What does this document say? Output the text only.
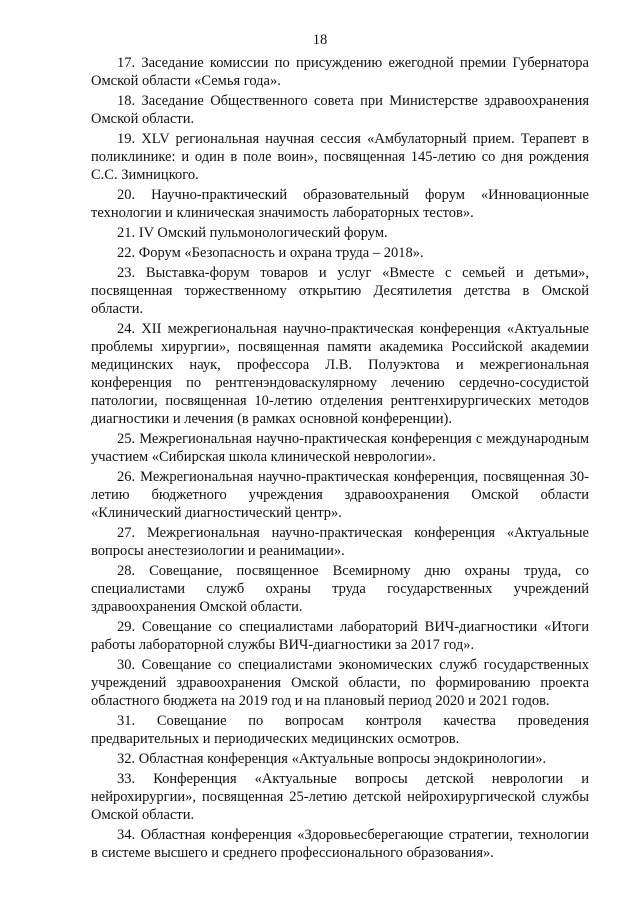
18

17. Заседание комиссии по присуждению ежегодной премии Губернатора Омской области «Семья года».

18. Заседание Общественного совета при Министерстве здравоохранения Омской области.

19. XLV региональная научная сессия «Амбулаторный прием. Терапевт в поликлинике: и один в поле воин», посвященная 145-летию со дня рождения С.С. Зимницкого.

20. Научно-практический образовательный форум «Инновационные технологии и клиническая значимость лабораторных тестов».

21. IV Омский пульмонологический форум.

22. Форум «Безопасность и охрана труда – 2018».

23. Выставка-форум товаров и услуг «Вместе с семьей и детьми», посвященная торжественному открытию Десятилетия детства в Омской области.

24. XII межрегиональная научно-практическая конференция «Актуальные проблемы хирургии», посвященная памяти академика Российской академии медицинских наук, профессора Л.В. Полуэктова и межрегиональная конференция по рентгенэндоваскулярному лечению сердечно-сосудистой патологии, посвященная 10-летию отделения рентгенхирургических методов диагностики и лечения (в рамках основной конференции).

25. Межрегиональная научно-практическая конференция с международным участием «Сибирская школа клинической неврологии».

26. Межрегиональная научно-практическая конференция, посвященная 30-летию бюджетного учреждения здравоохранения Омской области «Клинический диагностический центр».

27. Межрегиональная научно-практическая конференция «Актуальные вопросы анестезиологии и реанимации».

28. Совещание, посвященное Всемирному дню охраны труда, со специалистами служб охраны труда государственных учреждений здравоохранения Омской области.

29. Совещание со специалистами лабораторий ВИЧ-диагностики «Итоги работы лабораторной службы ВИЧ-диагностики за 2017 год».

30. Совещание со специалистами экономических служб государственных учреждений здравоохранения Омской области, по формированию проекта областного бюджета на 2019 год и на плановый период 2020 и 2021 годов.

31. Совещание по вопросам контроля качества проведения предварительных и периодических медицинских осмотров.

32. Областная конференция «Актуальные вопросы эндокринологии».

33. Конференция «Актуальные вопросы детской неврологии и нейрохирургии», посвященная 25-летию детской нейрохирургической службы Омской области.

34. Областная конференция «Здоровьесберегающие стратегии, технологии в системе высшего и среднего профессионального образования».
